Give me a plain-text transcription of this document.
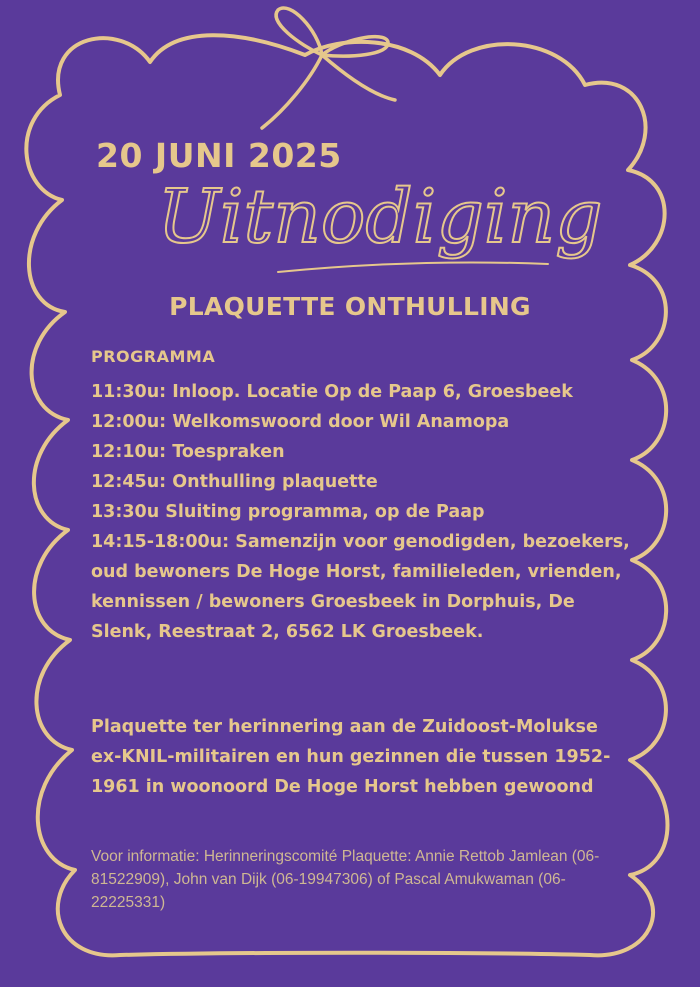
20 JUNI 2025
Uitnodiging
PLAQUETTE ONTHULLING
PROGRAMMA
11:30u: Inloop. Locatie Op de Paap 6, Groesbeek
12:00u: Welkomswoord door Wil Anamopa
12:10u: Toespraken
12:45u: Onthulling plaquette
13:30u Sluiting programma, op de Paap
14:15-18:00u: Samenzijn voor genodigden, bezoekers, oud bewoners De Hoge Horst, familieleden, vrienden, kennissen / bewoners Groesbeek in Dorphuis, De Slenk, Reestraat 2, 6562 LK Groesbeek.
Plaquette ter herinnering aan de Zuidoost-Molukse ex-KNIL-militairen en hun gezinnen die tussen 1952-1961 in woonoord De Hoge Horst hebben gewoond
Voor informatie: Herinneringscomité Plaquette: Annie Rettob Jamlean (06-81522909), John van Dijk (06-19947306) of Pascal Amukwaman (06-22225331)
